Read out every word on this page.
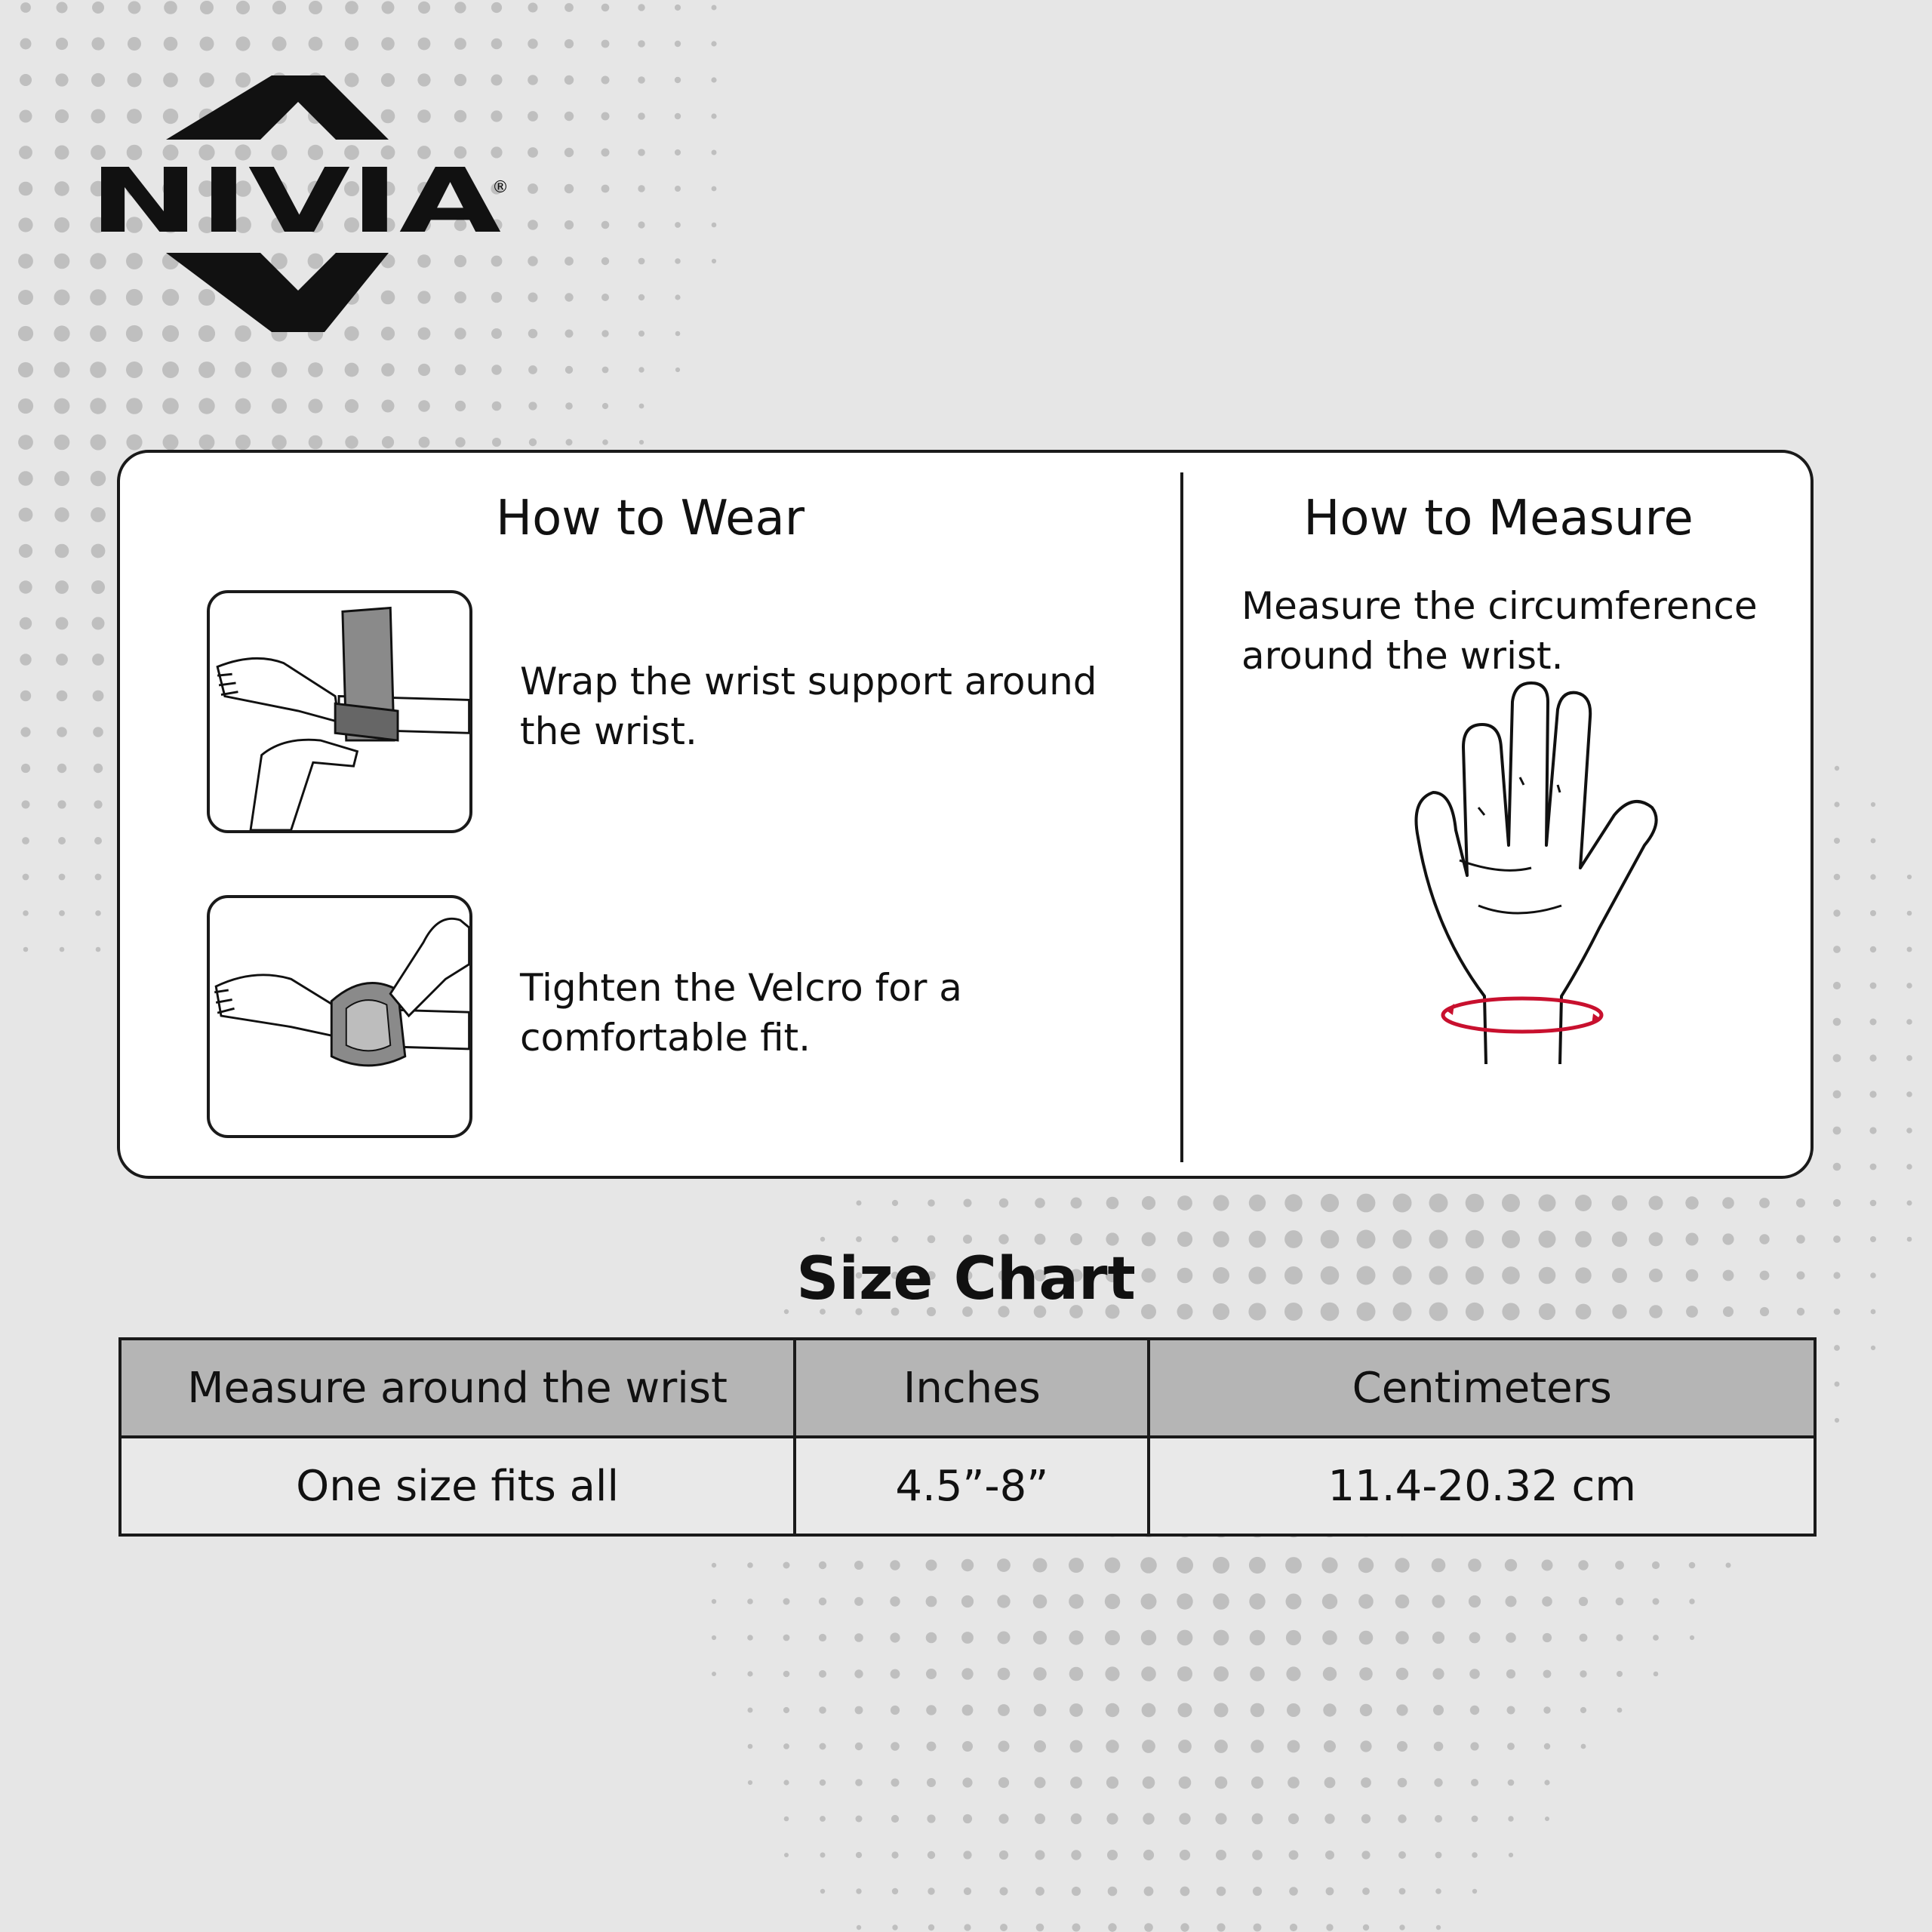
NIVIA
®
How to Wear	How to Measure
Wrap the wrist support around the wrist.
Tighten the Velcro for a comfortable fit.
Measure the circumference around the wrist.
Size Chart
Measure around the wrist	Inches	Centimeters
One size fits all	4.5”-8”	11.4-20.32 cm
